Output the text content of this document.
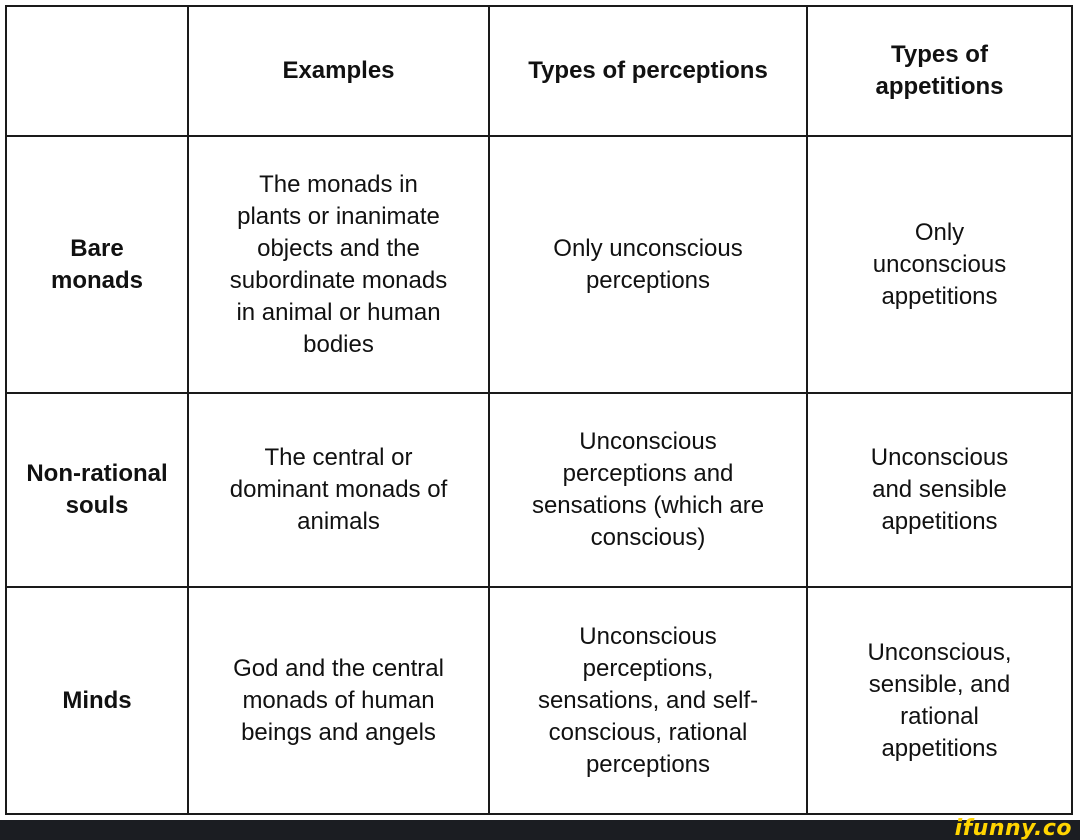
Examples	Types of perceptions
Types of
appetitions
Bare
monads
The monads in
plants or inanimate
objects and the
subordinate monads
in animal or human
bodies
Only unconscious
perceptions
Only
unconscious
appetitions
Non-rational
souls
The central or
dominant monads of
animals
Unconscious
perceptions and
sensations (which are
conscious)
Unconscious
and sensible
appetitions
Minds
God and the central
monads of human
beings and angels
Unconscious
perceptions,
sensations, and self-
conscious, rational
perceptions
Unconscious,
sensible, and
rational
appetitions
ifunny.co
